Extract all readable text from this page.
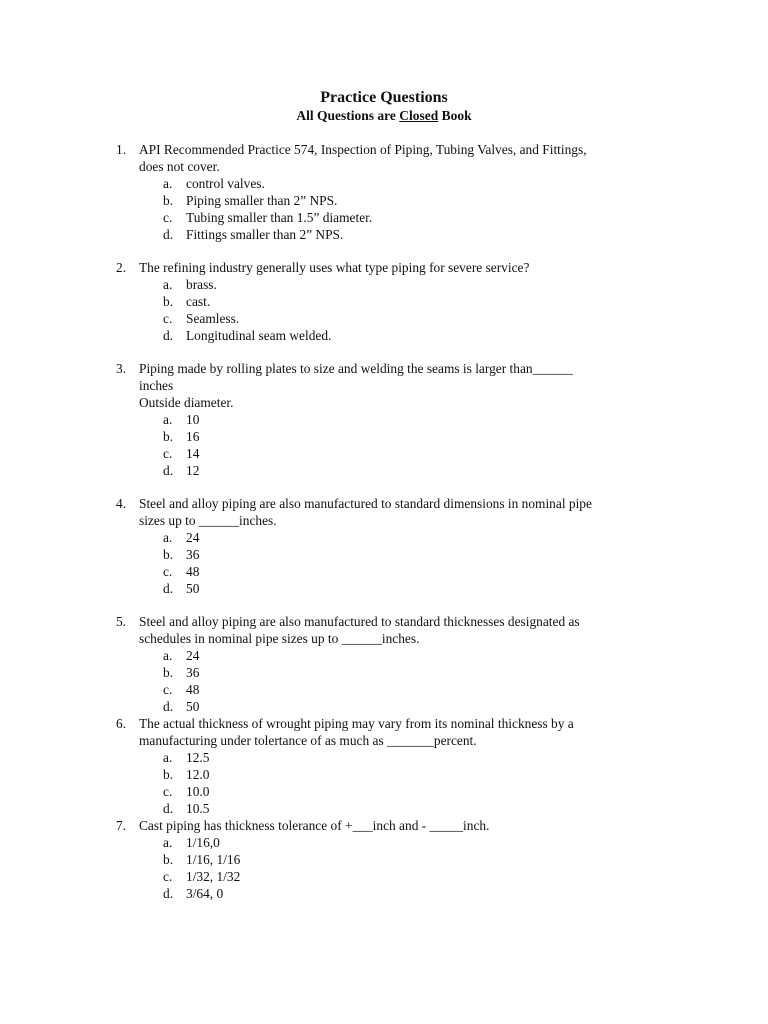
Practice Questions
All Questions are Closed Book
1. API Recommended Practice 574, Inspection of Piping, Tubing Valves, and Fittings,
does not cover.
a. control valves.
b. Piping smaller than 2” NPS.
c. Tubing smaller than 1.5” diameter.
d. Fittings smaller than 2” NPS.
2. The refining industry generally uses what type piping for severe service?
a. brass.
b. cast.
c. Seamless.
d. Longitudinal seam welded.
3. Piping made by rolling plates to size and welding the seams is larger than______
inches
Outside diameter.
a. 10
b. 16
c. 14
d. 12
4. Steel and alloy piping are also manufactured to standard dimensions in nominal pipe
sizes up to ______inches.
a. 24
b. 36
c. 48
d. 50
5. Steel and alloy piping are also manufactured to standard thicknesses designated as
schedules in nominal pipe sizes up to ______inches.
a. 24
b. 36
c. 48
d. 50
6. The actual thickness of wrought piping may vary from its nominal thickness by a
manufacturing under tolertance of as much as _______percent.
a. 12.5
b. 12.0
c. 10.0
d. 10.5
7. Cast piping has thickness tolerance of +___inch and - _____inch.
a. 1/16,0
b. 1/16, 1/16
c. 1/32, 1/32
d. 3/64, 0
